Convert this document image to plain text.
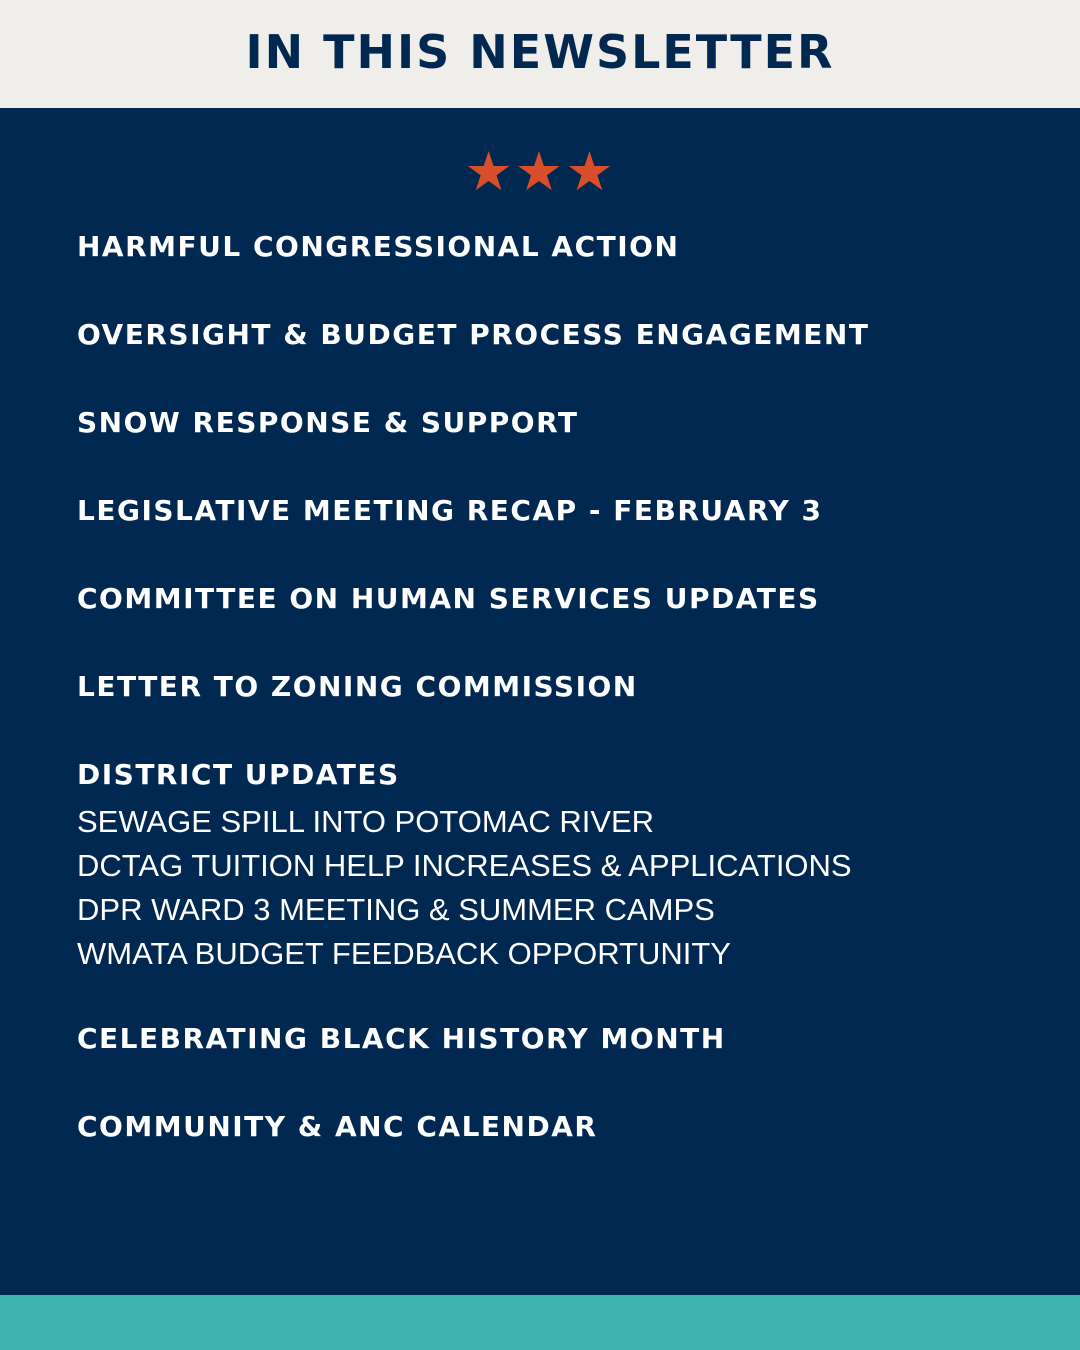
IN THIS NEWSLETTER
★★★
HARMFUL CONGRESSIONAL ACTION
OVERSIGHT & BUDGET PROCESS ENGAGEMENT
SNOW RESPONSE & SUPPORT
LEGISLATIVE MEETING RECAP - FEBRUARY 3
COMMITTEE ON HUMAN SERVICES UPDATES
LETTER TO ZONING COMMISSION
DISTRICT UPDATES
SEWAGE SPILL INTO POTOMAC RIVER
DCTAG TUITION HELP INCREASES & APPLICATIONS
DPR WARD 3 MEETING & SUMMER CAMPS
WMATA BUDGET FEEDBACK OPPORTUNITY
CELEBRATING BLACK HISTORY MONTH
COMMUNITY & ANC CALENDAR
